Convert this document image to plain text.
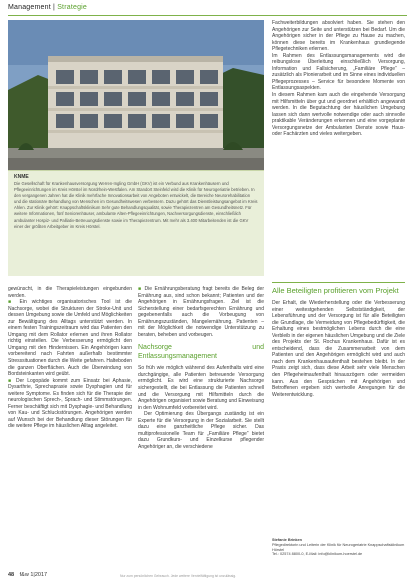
Management | Strategie
KNME
Die Gesellschaft für Krankenhausversorgung Werren-Ingling GmbH (GKV) ist ein Verbund aus Krankenhäusern und Pflegeeinrichtungen im Kreis Hörstel im Nordrhein-Westfalen. Am Standort Steinfeld wird die Klinik für Neurogeriatrie betrieben. In den vergangenen Jahren hat die Klinik mehrfache Innovationsarbeit von Angeboten entwickelt, die Bereiche Neurorehabilitation und die stationäre Behandlung von Menschen im Gesundheitswesen verbessern. Dazu gehört das Dienstleistungsangebot im Kreis Ahlen. Zur Klinik gehört: Knappschaftsklinikum Sehr gute Behandlungsqualität, sowie Therapiezentren am Gesundheitsnetz. Für weitere Informationen, fünf Seniorenhäuser, ambulante Alten-Pflegeeinrichtungen, Nachversorgungsdienste, einschließlich ambulanter Hospiz- und Palliativ-Betreuungsdienste sowie im Therapiezentrum. Mit mehr als 3.400 Mitarbeitenden ist die GKV einer der größten Arbeitgeber im Kreis Hörstel.

Fachweiterbildungen absolviert haben. Sie stehen den Angehörigen zur Seite und unterstützen bei Bedarf. Um die Angehörigen sicher in der Pflege zu Hause zu machen, können diese bereits im Krankenhaus grundlegende Pflegetechniken erlernen.
Im Rahmen des Entlassungsmanagements wird die reibungslose Überleitung einschließlich Versorgung, Information und Fallsicherung, „Familiäre Pflege“ – zusätzlich als Pionierarbeit und im Sinne eines individuellen Pflegeprozesses – Service für besondere Momente von Entlassungsaspekten.
In diesem Rahmen kam auch die eingehende Versorgung mit Hilfsmitteln über gut und geordnet erhältlich angewandt werden. In die Begutachtung der häuslichen Umgebung lassen sich dann wertvolle notwendige oder auch sinnvolle praktikable Veränderungen erkennen und eine vorgeplante Versorgungsnetze der Ambulanten Dienste sowie Haus- oder Fachärzten und vieles weitergeben.

gewünscht, in die Therapieleistungen eingebunden werden.

■ Ein wichtiges organisatorisches Tool ist die Nachsorge, wobei die Strukturen der Stroke-Unit und dessen Umgebung sowie die Umfeld und Möglichkeiten zur Bewältigung des Alltags unterstützt werden. In einem festen Trainingszeitraum wird das Patienten den Umgang mit dem Rollator erlernen und ihren Rollator richtig einstellen. Die Verbesserung ermöglicht den Umgang mit den Hindernissen. Ein Angehörigen kann vorbereitend nach Fahrten außerhalb bestimmter Stresssituationen durch die Weite gefahren. Halteboden die ganzen Oberflächen. Auch die Überwindung von Bordsteinkanten wird geübt.

■ Der Logopäde kommt zum Einsatz bei Aphasie, Dysarthrie, Sprechapraxie sowie Dysphagien und für weitere Symptome. Es finden sich für die Therapie der neurologischen Sprech-, Sprach- und Stimmstörungen. Ferner beschäftigt sich mit Dysphagie- und Behandlung von Kau- und Schluckstörungen. Angehörigen werden auf Wunsch bei der Behandlung dieser Störungen für die weitere Pflege im häuslichen Alltag angeleitet.

■ Die Ernährungsberatung fragt bereits die Beleg der Ernährung aus, sind schon bekannt; Patienten und der Angehörigen in Ernährungsfragen. Ziel ist die Sicherstellung einer bedarfsgerechten Ernährung und gegebenenfalls auch die Vorbeugung von Ernährungszuständen, Mangelernährung. Patienten – mit der Möglichkeit die notwendige Unterstützung zu beraten, beheben und vorbeugen.

Nachsorge und Entlassungsmanagement

So früh wie möglich während des Aufenthalts wird eine durchgängige, alle Patienten betreuende Versorgung ermöglicht. Es wird eine strukturierte Nachsorge sichergestellt, die bei Entlassung die Patienten schnell und die Versorgung mit Hilfsmitteln durch die Angehörigen organisiert sowie Beratung und Einweisung in den Wohnumfeld vorbereitet wird.

Der Optimierung des Übergangs zuständig ist ein Experte für die Versorgung in der Sozialarbeit. Sie stellt dazu eine ganzheitliche Pflege sicher. Das multiprofessionelle Team für „Familiäre Pflege“ bietet dazu Grundkurs- und Einzelkurse pflegender Angehöriger an, die verschiedene

Alle Beteiligten profitieren vom Projekt

Der Erhalt, die Wiederherstellung oder die Verbesserung einer weitestgehenden Selbstständigkeit, der Lebensführung und der Versorgung ist für alle Beteiligten die Grundlage, die Vermeidung von Pflegebedürftigkeit, die Erhaltung eines bestmöglichen Lebens durch die eine Verbleib in der eigenen häuslichen Umgebung und die Ziele des Projekts der St. Rochus Krankenhaus. Dafür ist es entscheidend, dass die Zusammenarbeit von dem Patienten und den Angehörigen ermöglicht wird und auch nach dem Krankenhausaufenthalt bestehen bleibt. In der Praxis zeigt sich, dass diese Arbeit sehr viele Menschen den Pflegeheimaufenthalt hinauszögern oder vermeiden kann. Aus den Gesprächen mit Angehörigen und Betroffenen ergeben sich wertvolle Anregungen für die Weiterentwicklung.

Stefanie Brinken
Pflegedirektorin und Leiterin der Klinik für Neurogeriatrie Knappschaftsklinikum Hörstel
Tel.: 02574 8800-0, E-Mail: info@klinikum-hoerstel.de
48 f&w 1|2017	Nur zum persönlichen Gebrauch. Jede weitere Vervielfältigung ist unzulässig.
